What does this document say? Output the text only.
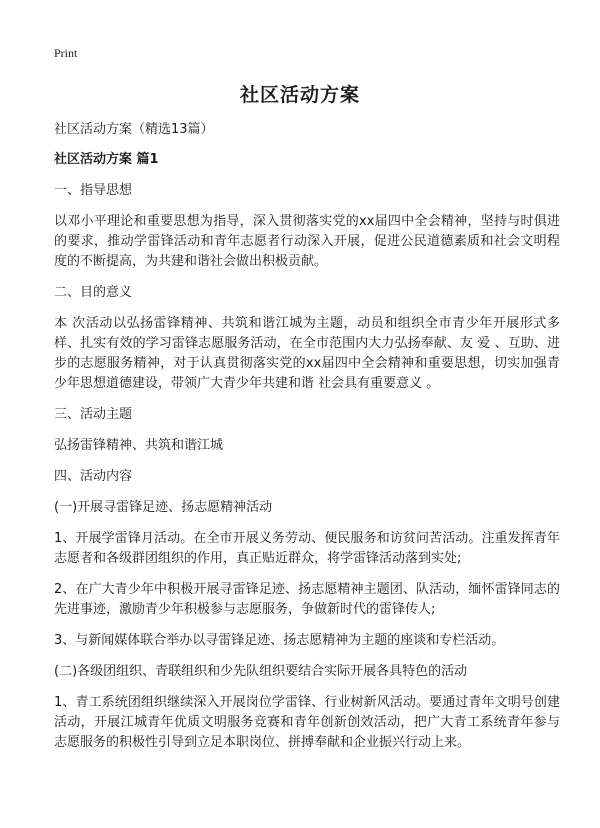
Print
社区活动方案

社区活动方案（精选13篇）

社区活动方案 篇1

一、指导思想

以邓小平理论和重要思想为指导，深入贯彻落实党的xx届四中全会精神，坚持与时俱进的要求，推动学雷锋活动和青年志愿者行动深入开展，促进公民道德素质和社会文明程度的不断提高，为共建和谐社会做出积极贡献。

二、目的意义

本 次活动以弘扬雷锋精神、共筑和谐江城为主题，动员和组织全市青少年开展形式多样、扎实有效的学习雷锋志愿服务活动，在全市范围内大力弘扬奉献、友 爱 、互助、进步的志愿服务精神，对于认真贯彻落实党的xx届四中全会精神和重要思想，切实加强青少年思想道德建设，带领广大青少年共建和谐 社会具有重要意义 。

三、活动主题

弘扬雷锋精神、共筑和谐江城

四、活动内容

(一)开展寻雷锋足迹、扬志愿精神活动

1、开展学雷锋月活动。在全市开展义务劳动、便民服务和访贫问苦活动。注重发挥青年志愿者和各级群团组织的作用，真正贴近群众，将学雷锋活动落到实处;

2、在广大青少年中积极开展寻雷锋足迹、扬志愿精神主题团、队活动，缅怀雷锋同志的先进事迹，激励青少年积极参与志愿服务，争做新时代的雷锋传人;

3、与新闻媒体联合举办以寻雷锋足迹、扬志愿精神为主题的座谈和专栏活动。

(二)各级团组织、青联组织和少先队组织要结合实际开展各具特色的活动

1、青工系统团组织继续深入开展岗位学雷锋、行业树新风活动。要通过青年文明号创建活动，开展江城青年优质文明服务竞赛和青年创新创效活动，把广大青工系统青年参与志愿服务的积极性引导到立足本职岗位、拼搏奉献和企业振兴行动上来。
